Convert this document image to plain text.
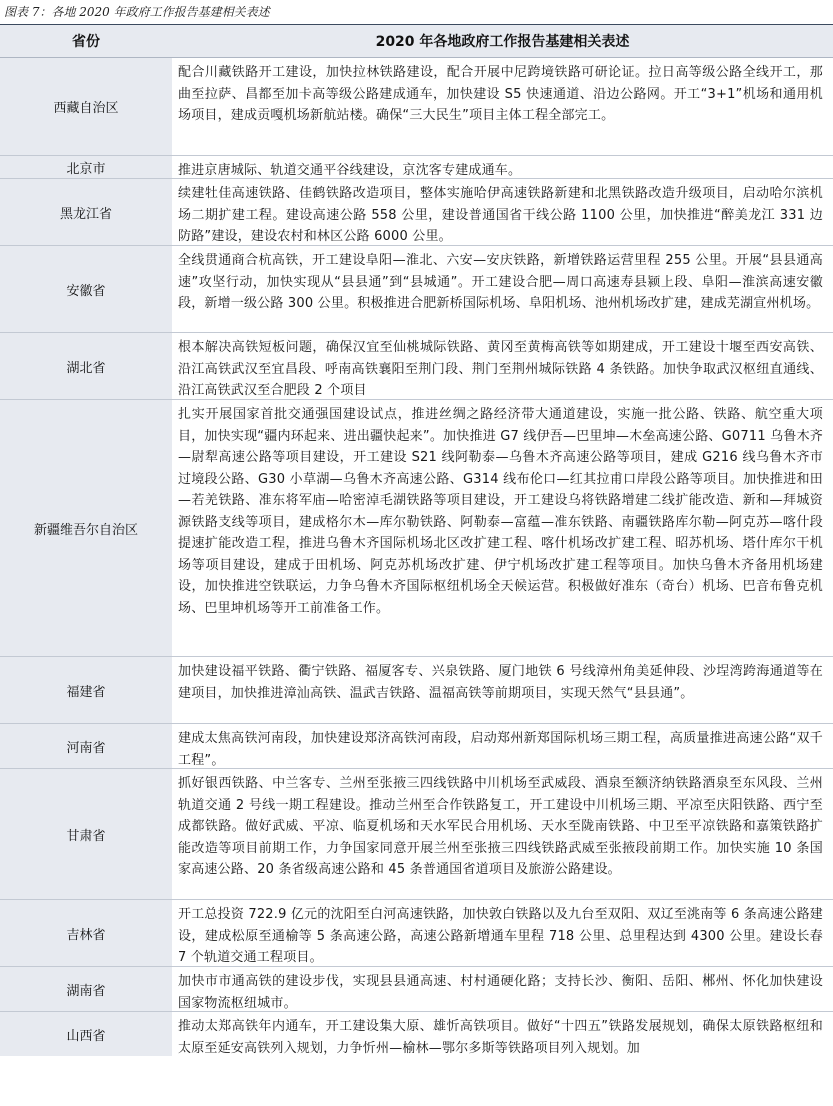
图表 7：各地 2020 年政府工作报告基建相关表述
省份	2020 年各地政府工作报告基建相关表述
西藏自治区
配合川藏铁路开工建设，加快拉林铁路建设，配合开展中尼跨境铁路可研论证。拉日高等级公路全线开工，那曲至拉萨、昌都至加卡高等级公路建成通车，加快建设 S5 快速通道、沿边公路网。开工“3+1”机场和通用机场项目，建成贡嘎机场新航站楼。确保“三大民生”项目主体工程全部完工。
北京市	推进京唐城际、轨道交通平谷线建设，京沈客专建成通车。
黑龙江省
续建牡佳高速铁路、佳鹤铁路改造项目，整体实施哈伊高速铁路新建和北黑铁路改造升级项目，启动哈尔滨机场二期扩建工程。建设高速公路 558 公里，建设普通国省干线公路 1100 公里，加快推进“醉美龙江 331 边防路”建设，建设农村和林区公路 6000 公里。
安徽省
全线贯通商合杭高铁，开工建设阜阳—淮北、六安—安庆铁路，新增铁路运营里程 255 公里。开展“县县通高速”攻坚行动，加快实现从“县县通”到“县城通”。开工建设合肥—周口高速寿县颍上段、阜阳—淮滨高速安徽段，新增一级公路 300 公里。积极推进合肥新桥国际机场、阜阳机场、池州机场改扩建，建成芜湖宣州机场。
湖北省
根本解决高铁短板问题，确保汉宜至仙桃城际铁路、黄冈至黄梅高铁等如期建成，开工建设十堰至西安高铁、沿江高铁武汉至宜昌段、呼南高铁襄阳至荆门段、荆门至荆州城际铁路 4 条铁路。加快争取武汉枢纽直通线、沿江高铁武汉至合肥段 2 个项目
新疆维吾尔自治区
扎实开展国家首批交通强国建设试点，推进丝绸之路经济带大通道建设，实施一批公路、铁路、航空重大项目，加快实现“疆内环起来、进出疆快起来”。加快推进 G7 线伊吾—巴里坤—木垒高速公路、G0711 乌鲁木齐—尉犁高速公路等项目建设，开工建设 S21 线阿勒泰—乌鲁木齐高速公路等项目，建成 G216 线乌鲁木齐市过境段公路、G30 小草湖—乌鲁木齐高速公路、G314 线布伦口—红其拉甫口岸段公路等项目。加快推进和田—若羌铁路、准东将军庙—哈密淖毛湖铁路等项目建设，开工建设乌将铁路增建二线扩能改造、新和—拜城资源铁路支线等项目，建成格尔木—库尔勒铁路、阿勒泰—富蕴—准东铁路、南疆铁路库尔勒—阿克苏—喀什段提速扩能改造工程，推进乌鲁木齐国际机场北区改扩建工程、喀什机场改扩建工程、昭苏机场、塔什库尔干机场等项目建设，建成于田机场、阿克苏机场改扩建、伊宁机场改扩建工程等项目。加快乌鲁木齐备用机场建设，加快推进空铁联运，力争乌鲁木齐国际枢纽机场全天候运营。积极做好准东（奇台）机场、巴音布鲁克机场、巴里坤机场等开工前准备工作。
福建省
加快建设福平铁路、衢宁铁路、福厦客专、兴泉铁路、厦门地铁 6 号线漳州角美延伸段、沙埕湾跨海通道等在建项目，加快推进漳汕高铁、温武吉铁路、温福高铁等前期项目，实现天然气“县县通”。
河南省
建成太焦高铁河南段，加快建设郑济高铁河南段，启动郑州新郑国际机场三期工程，高质量推进高速公路“双千工程”。
甘肃省
抓好银西铁路、中兰客专、兰州至张掖三四线铁路中川机场至武威段、酒泉至额济纳铁路酒泉至东风段、兰州轨道交通 2 号线一期工程建设。推动兰州至合作铁路复工，开工建设中川机场三期、平凉至庆阳铁路、西宁至成都铁路。做好武威、平凉、临夏机场和天水军民合用机场、天水至陇南铁路、中卫至平凉铁路和嘉策铁路扩能改造等项目前期工作，力争国家同意开展兰州至张掖三四线铁路武威至张掖段前期工作。加快实施 10 条国家高速公路、20 条省级高速公路和 45 条普通国省道项目及旅游公路建设。
吉林省
开工总投资 722.9 亿元的沈阳至白河高速铁路，加快敦白铁路以及九台至双阳、双辽至洮南等 6 条高速公路建设，建成松原至通榆等 5 条高速公路，高速公路新增通车里程 718 公里、总里程达到 4300 公里。建设长春 7 个轨道交通工程项目。
湖南省
加快市市通高铁的建设步伐，实现县县通高速、村村通硬化路；支持长沙、衡阳、岳阳、郴州、怀化加快建设国家物流枢纽城市。
山西省
推动太郑高铁年内通车，开工建设集大原、雄忻高铁项目。做好“十四五”铁路发展规划，确保太原铁路枢纽和太原至延安高铁列入规划，力争忻州—榆林—鄂尔多斯等铁路项目列入规划。加
